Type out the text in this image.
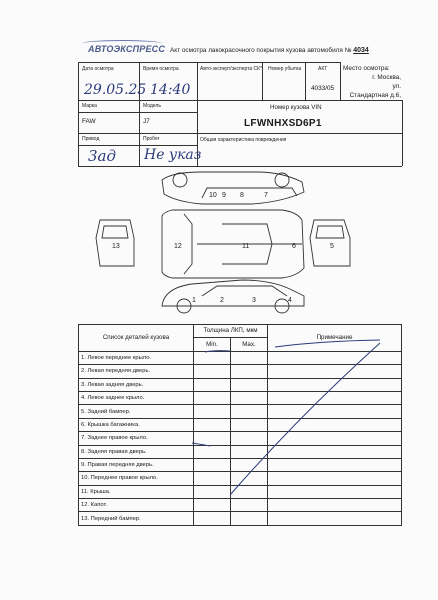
АВТОЭКСПРЕСС Акт осмотра лакокрасочного покрытия кузова автомобиля № 4034
Дата осмотра
29.05.25
Время осмотра
14:40
Авто-эксперт/эксперта СК* Номер убытка	АКТ
4033/05
Место осмотра:
г. Москва,
ул.
Стандартная д.6,
Марка
FAW
Модель
J7
Номер кузова VIN
LFWNHXSD6P1
Привод
3ад
Пробег
Не указ
Общая характеристика повреждения
10 9 8	7
13	12	11	6	5
1	2	3	4
Список деталей кузова	Толщина ЛКП, мкм		Примечание
	Min.	Max.	
1. Левое переднее крыло.			
2. Левая передняя дверь.			
3. Левая задняя дверь.			
4. Левое заднее крыло.			
5. Задний бампер.			
6. Крышка багажника.			
7. Заднее правое крыло.			
8. Задняя правая дверь.			
9. Правая передняя дверь.			
10. Переднее правое крыло.			
11. Крыша.			
12. Капот.			
13. Передний бампер.			
